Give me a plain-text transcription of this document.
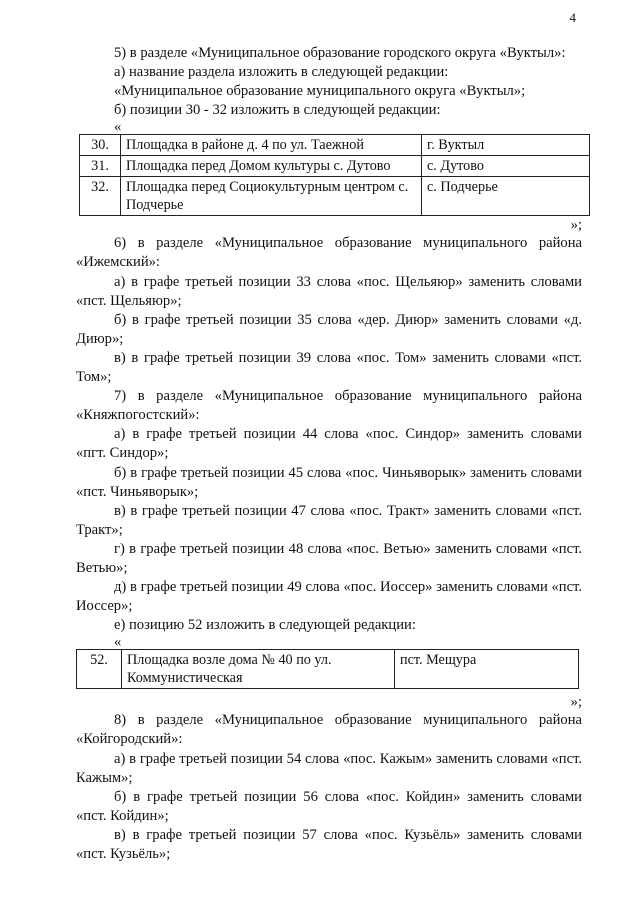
4

5) в разделе «Муниципальное образование городского округа «Вуктыл»:

а) название раздела изложить в следующей редакции:

«Муниципальное образование муниципального округа «Вуктыл»;

б) позиции 30 - 32 изложить в следующей редакции:

«

30.	Площадка в районе д. 4 по ул. Таежной	г. Вуктыл
31.	Площадка перед Домом культуры с. Дутово	с. Дутово
32.	Площадка перед Социокультурным центром с. Подчерье	с. Подчерье

»;

6) в разделе «Муниципальное образование муниципального района «Ижемский»:

а) в графе третьей позиции 33 слова «пос. Щельяюр» заменить словами «пст. Щельяюр»;

б) в графе третьей позиции 35 слова «дер. Диюр» заменить словами «д. Диюр»;

в) в графе третьей позиции 39 слова «пос. Том» заменить словами «пст. Том»;

7) в разделе «Муниципальное образование муниципального района «Княжпогостский»:

а) в графе третьей позиции 44 слова «пос. Синдор» заменить словами «пгт. Синдор»;

б) в графе третьей позиции 45 слова «пос. Чиньяворык» заменить словами «пст. Чиньяворык»;

в) в графе третьей позиции 47 слова «пос. Тракт» заменить словами «пст. Тракт»;

г) в графе третьей позиции 48 слова «пос. Ветью» заменить словами «пст. Ветью»;

д) в графе третьей позиции 49 слова «пос. Иоссер» заменить словами «пст. Иоссер»;

е) позицию 52 изложить в следующей редакции:

«

52.	Площадка возле дома № 40 по ул. Коммунистическая	пст. Мещура

»;

8) в разделе «Муниципальное образование муниципального района «Койгородский»:

а) в графе третьей позиции 54 слова «пос. Кажым» заменить словами «пст. Кажым»;

б) в графе третьей позиции 56 слова «пос. Койдин» заменить словами «пст. Койдин»;

в) в графе третьей позиции 57 слова «пос. Кузьёль» заменить словами «пст. Кузьёль»;
